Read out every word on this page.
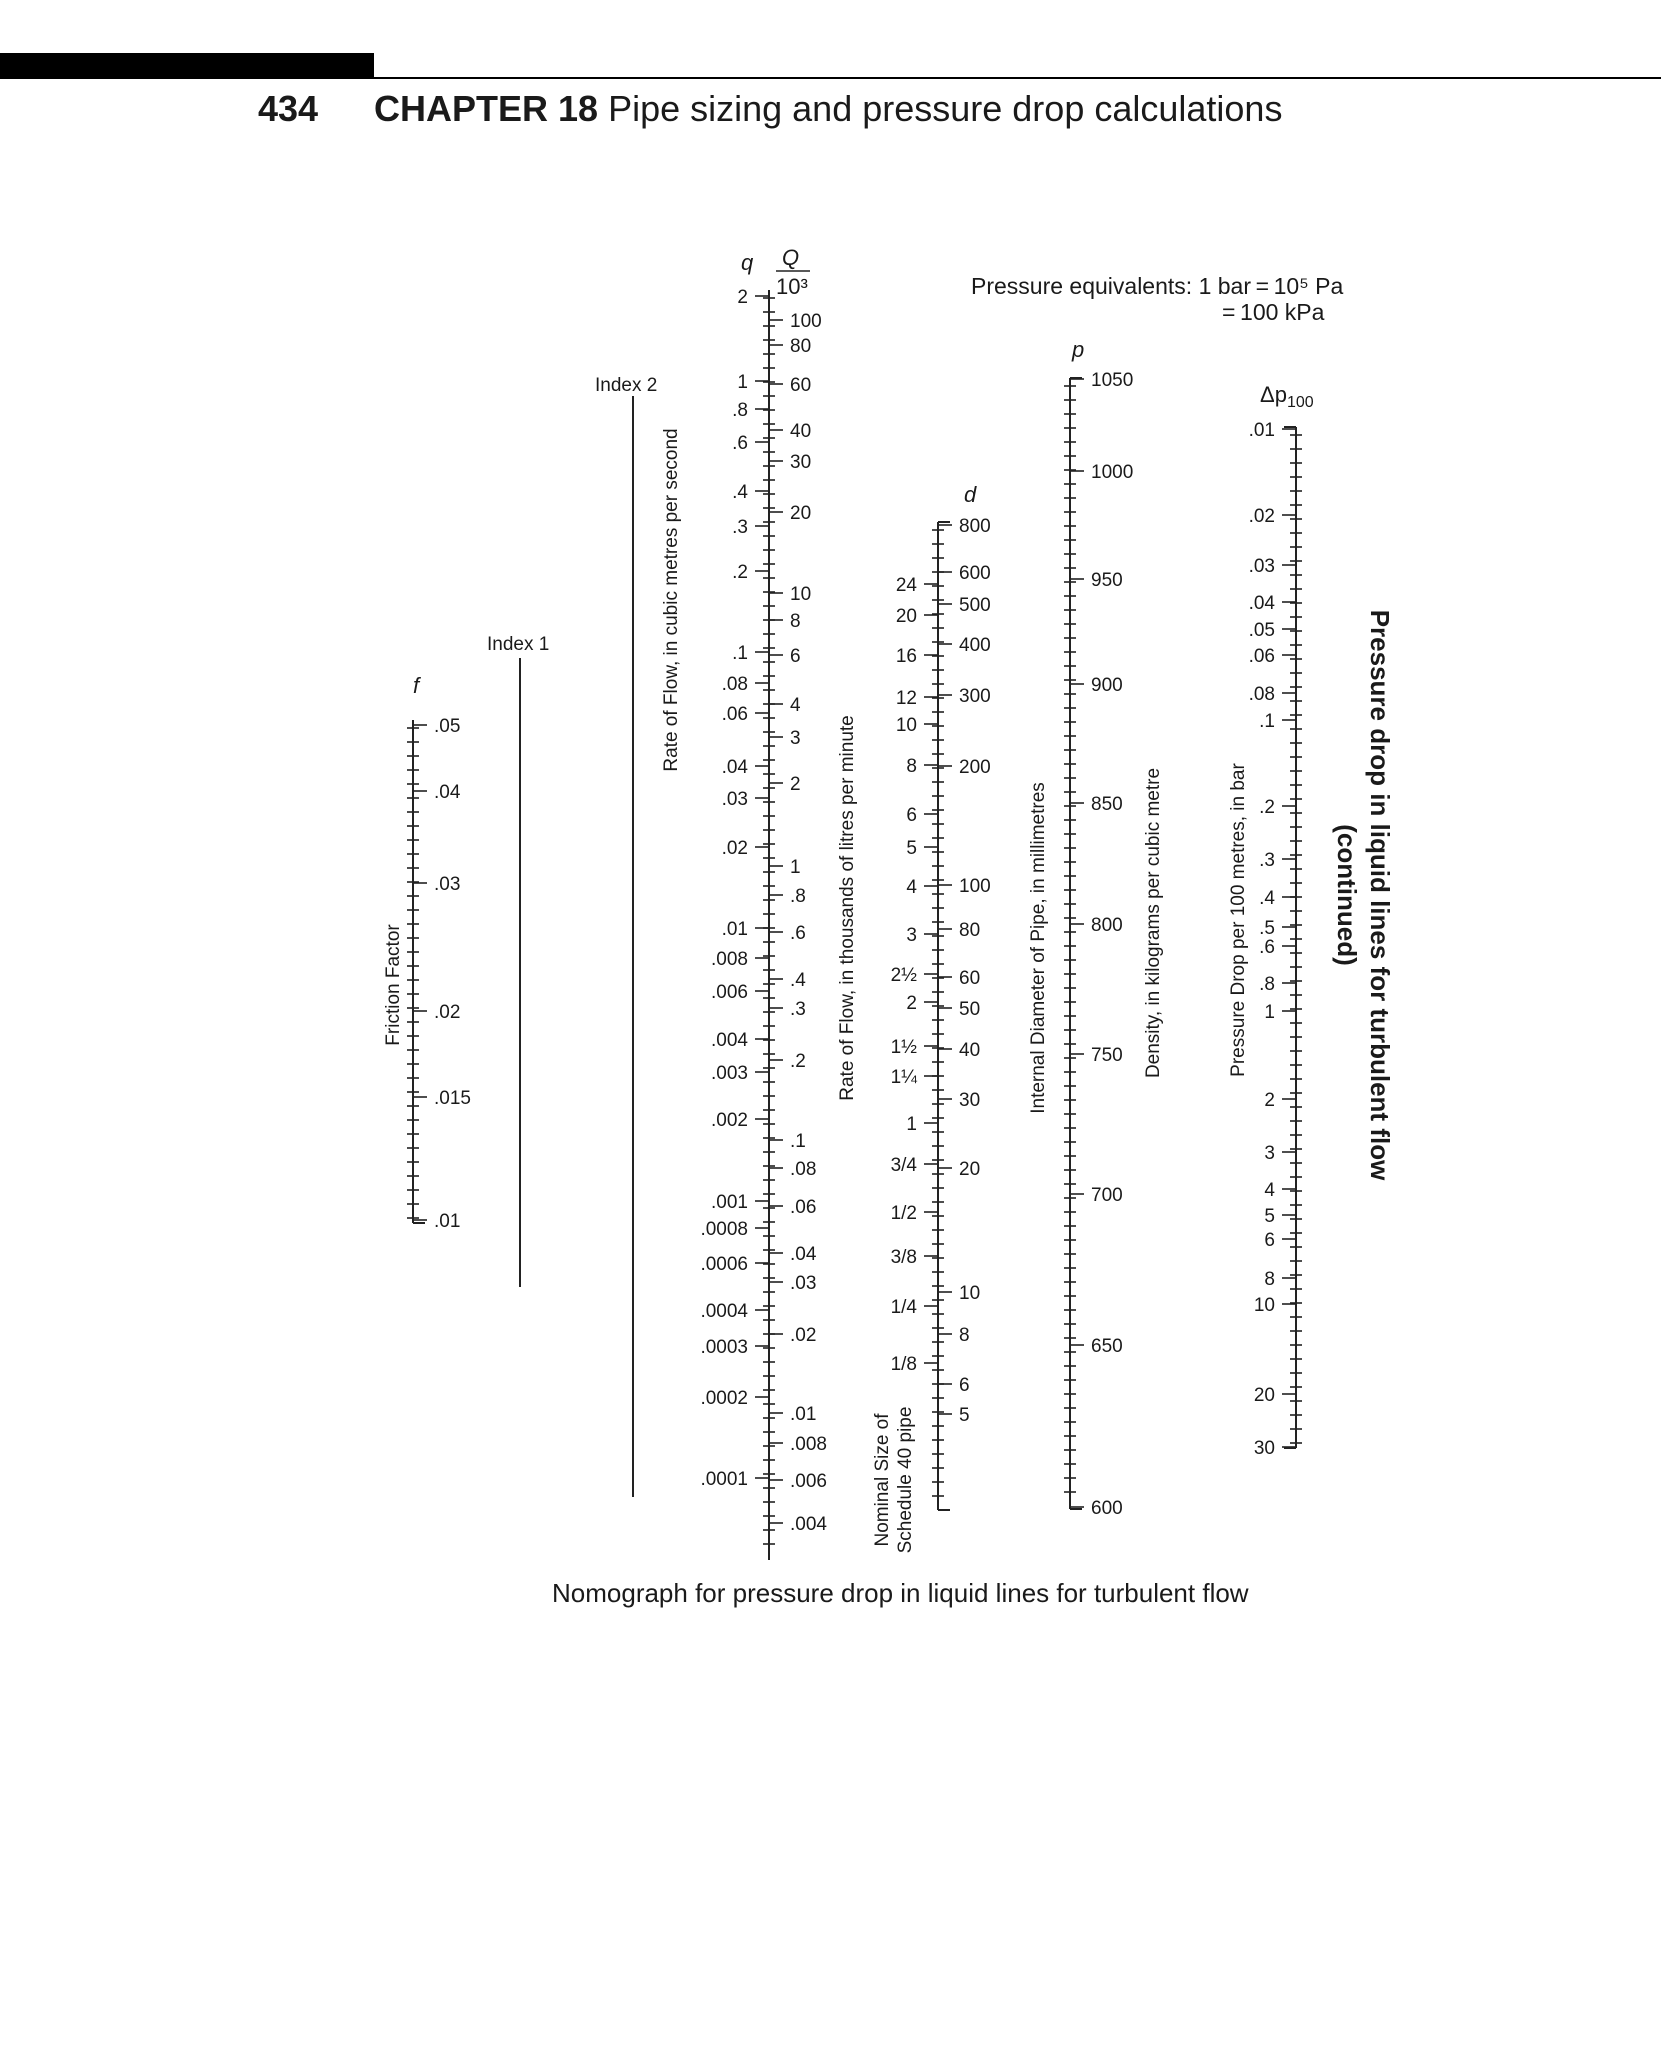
434 CHAPTER 18 Pipe sizing and pressure drop calculations
Pressure equivalents: 1 bar = 10⁵ Pa
= 100 kPa
Index 1
Index 2
f
q Q
10³
d
p
$\Delta p_{100}$
Friction Factor
Rate of Flow, in cubic metres per second
Rate of Flow, in thousands of litres per minute
Nominal Size of Schedule 40 pipe
Internal Diameter of Pipe, in millimetres	Density, in kilograms per cubic metre	Pressure Drop per 100 metres, in bar	Pressure drop in liquid lines for turbulent flow
(continued)
.05
.04
.03
.02
.015
.01
2
1
.8
.6
.4
.3
.2
.1
.08
.06
.04
.03
.02
.01
.008
.006
.004
.003
.002
.001
.0008
.0006
.0004
.0003
.0002
.0001
100
80
60
40
30
20
10
8
6
4
3
2
1
.8
.6
.4
.3
.2
.1
.08
.06
.04
.03
.02
.01
.008
.006
.004
24
20
16
12
10
8
6
5
4
3
2½
2
1½
1¼
1
3/4
1/2
3/8
1/4
1/8
800
600
500
400
300
200
100
80
60
50
40
30
20
10
8
6
5
1050
1000
950
900
850
800
750
700
650
600
.01
.02
.03
.04
.05
.06
.08
.1
.2
.3
.4
.5
.6
.8
1
2
3
4
5
6
8
10
20
30
Nomograph for pressure drop in liquid lines for turbulent flow
